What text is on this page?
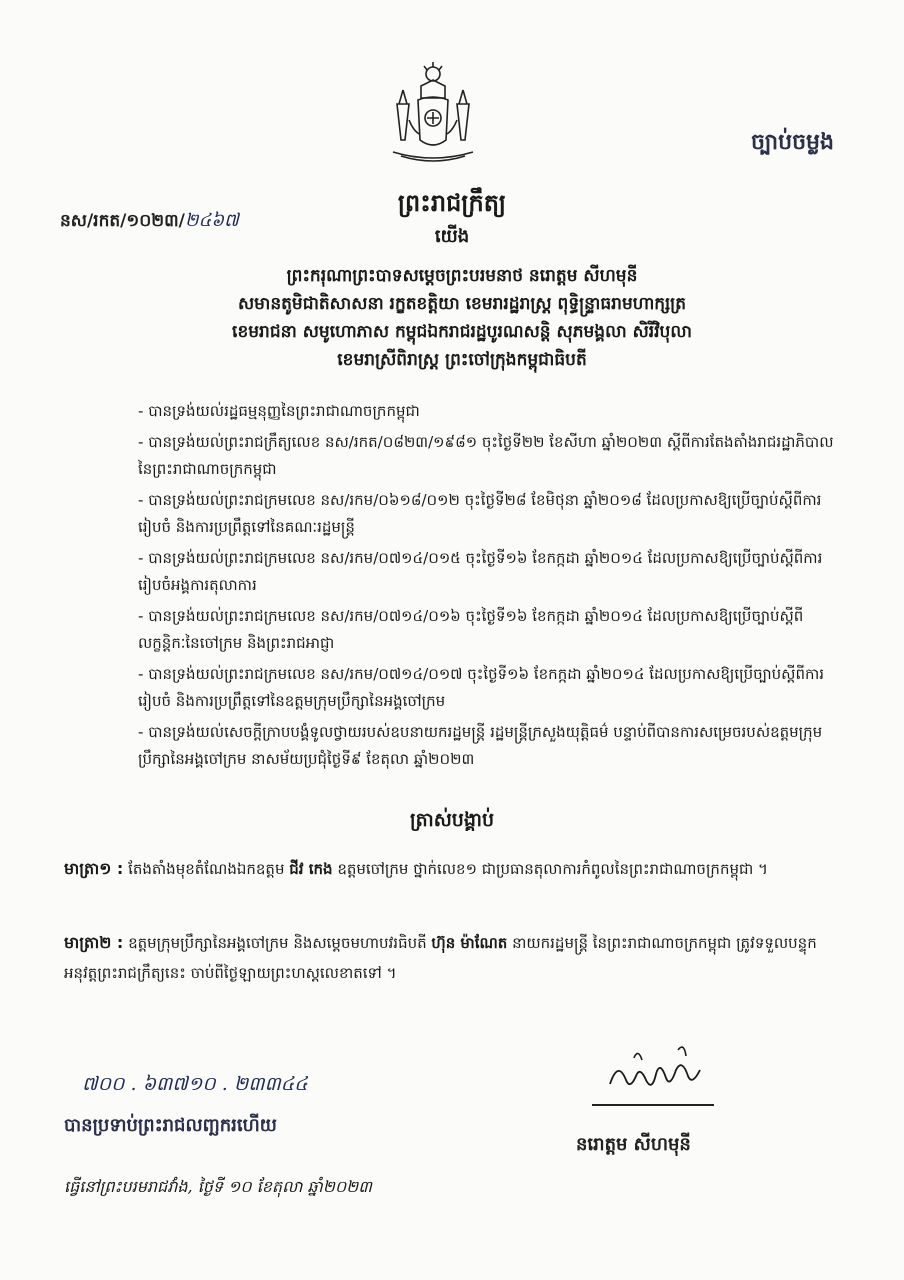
ច្បាប់ចម្លង
នស/រកត/១០២៣/២៤៦៧
ព្រះរាជក្រឹត្យ
យើង
ព្រះករុណាព្រះបាទសម្តេចព្រះបរមនាថ នរោត្តម សីហមុនី
សមានតូមិជាតិសាសនា រក្ខតខត្តិយា ខេមរារដ្ឋរាស្ត្រ ពុទ្ធិន្ទ្រាធរាមហាក្សត្រ
ខេមរាជនា សមូហោភាស កម្ពុជឯករាជរដ្ឋបូរណសន្តិ សុភមង្គលា សិរីវិបុលា
ខេមរាស្រីពិរាស្ត្រ ព្រះចៅក្រុងកម្ពុជាធិបតី
- បានទ្រង់យល់រដ្ឋធម្មនុញ្ញនៃព្រះរាជាណាចក្រកម្ពុជា
- បានទ្រង់យល់ព្រះរាជក្រឹត្យលេខ នស/រកត/០៨២៣/១៩៨១ ចុះថ្ងៃទី២២ ខែសីហា ឆ្នាំ២០២៣ ស្តីពីការតែងតាំងរាជរដ្ឋាភិបាល នៃព្រះរាជាណាចក្រកម្ពុជា
- បានទ្រង់យល់ព្រះរាជក្រមលេខ នស/រកម/០៦១៨/០១២ ចុះថ្ងៃទី២៨ ខែមិថុនា ឆ្នាំ២០១៨ ដែលប្រកាសឱ្យប្រើច្បាប់ស្តីពីការរៀបចំ និងការប្រព្រឹត្តទៅនៃគណៈរដ្ឋមន្ត្រី
- បានទ្រង់យល់ព្រះរាជក្រមលេខ នស/រកម/០៧១៤/០១៥ ចុះថ្ងៃទី១៦ ខែកក្កដា ឆ្នាំ២០១៤ ដែលប្រកាសឱ្យប្រើច្បាប់ស្តីពីការរៀបចំអង្គការតុលាការ
- បានទ្រង់យល់ព្រះរាជក្រមលេខ នស/រកម/០៧១៤/០១៦ ចុះថ្ងៃទី១៦ ខែកក្កដា ឆ្នាំ២០១៤ ដែលប្រកាសឱ្យប្រើច្បាប់ស្តីពីលក្ខន្តិកៈនៃចៅក្រម និងព្រះរាជអាជ្ញា
- បានទ្រង់យល់ព្រះរាជក្រមលេខ នស/រកម/០៧១៤/០១៧ ចុះថ្ងៃទី១៦ ខែកក្កដា ឆ្នាំ២០១៤ ដែលប្រកាសឱ្យប្រើច្បាប់ស្តីពីការរៀបចំ និងការប្រព្រឹត្តទៅនៃឧត្តមក្រុមប្រឹក្សានៃអង្គចៅក្រម
- បានទ្រង់យល់សេចក្តីក្រាបបង្គំទូលថ្វាយរបស់ឧបនាយករដ្ឋមន្ត្រី រដ្ឋមន្ត្រីក្រសួងយុត្តិធម៌ បន្ទាប់ពីបានការសម្រេចរបស់ឧត្តមក្រុមប្រឹក្សានៃអង្គចៅក្រម នាសម័យប្រជុំថ្ងៃទី៩ ខែតុលា ឆ្នាំ២០២៣
ត្រាស់បង្គាប់
មាត្រា១ : តែងតាំងមុខតំណែងឯកឧត្តម ជីវ កេង ឧត្តមចៅក្រម ថ្នាក់លេខ១ ជាប្រធានតុលាការកំពូលនៃព្រះរាជាណាចក្រកម្ពុជា ។
មាត្រា២ : ឧត្តមក្រុមប្រឹក្សានៃអង្គចៅក្រម និងសម្តេចមហាបវរធិបតី ហ៊ុន ម៉ាណែត នាយករដ្ឋមន្ត្រី នៃព្រះរាជាណាចក្រកម្ពុជា ត្រូវទទួលបន្ទុកអនុវត្តព្រះរាជក្រឹត្យនេះ ចាប់ពីថ្ងៃឡាយព្រះហស្តលេខាតទៅ ។
៧០០ . ៦៣៧១០ . ២៣៣៤៤
បានប្រទាប់ព្រះរាជលញ្ឆករហើយ
ធ្វើនៅព្រះបរមរាជវាំង, ថ្ងៃទី ១០ ខែតុលា ឆ្នាំ២០២៣
នរោត្តម សីហមុនី
